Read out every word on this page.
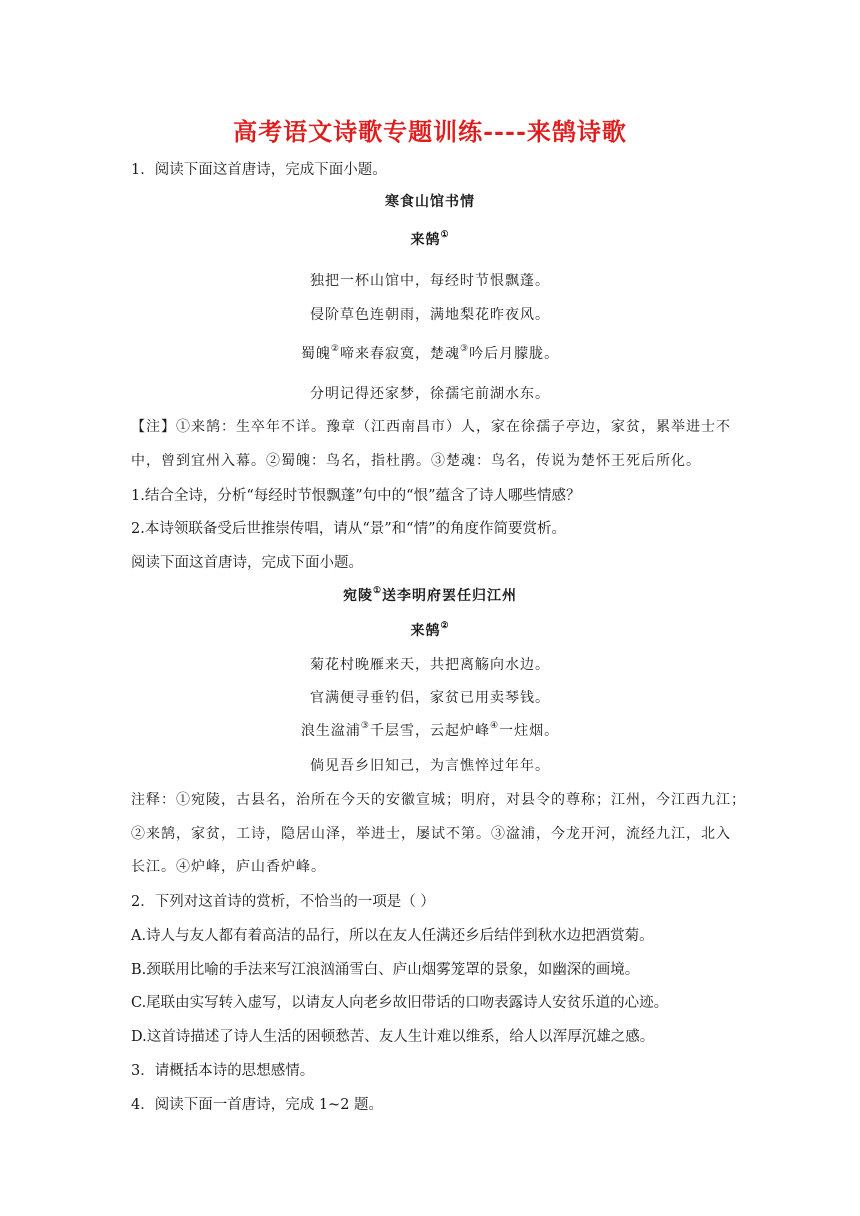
高考语文诗歌专题训练----来鹄诗歌
1．阅读下面这首唐诗，完成下面小题。
寒食山馆书情
来鹄①
独把一杯山馆中，每经时节恨飘蓬。
侵阶草色连朝雨，满地梨花昨夜风。
蜀魄②啼来春寂寞，楚魂③吟后月朦胧。
分明记得还家梦，徐孺宅前湖水东。
【注】①来鹄：生卒年不详。豫章（江西南昌市）人，家在徐孺子亭边，家贫，累举进士不
中，曾到宜州入幕。②蜀魄：鸟名，指杜鹃。③楚魂：鸟名，传说为楚怀王死后所化。
1.结合全诗，分析“每经时节恨飘蓬”句中的“恨”蕴含了诗人哪些情感？
2.本诗领联备受后世推崇传唱，请从“景”和“情”的角度作简要赏析。
阅读下面这首唐诗，完成下面小题。
宛陵①送李明府罢任归江州
来鹄②
菊花村晚雁来天，共把离觞向水边。
官满便寻垂钓侣，家贫已用卖琴钱。
浪生湓浦③千层雪，云起炉峰④一炷烟。
倘见吾乡旧知己，为言憔悴过年年。
注释：①宛陵，古县名，治所在今天的安徽宣城；明府，对县令的尊称；江州，今江西九江；
②来鹄，家贫，工诗，隐居山泽，举进士，屡试不第。③湓浦，今龙开河，流经九江，北入
长江。④炉峰，庐山香炉峰。
2．下列对这首诗的赏析，不恰当的一项是（ ）
A.诗人与友人都有着高洁的品行，所以在友人任满还乡后结伴到秋水边把酒赏菊。
B.颈联用比喻的手法来写江浪汹涌雪白、庐山烟雾笼罩的景象，如幽深的画境。
C.尾联由实写转入虚写，以请友人向老乡故旧带话的口吻表露诗人安贫乐道的心迹。
D.这首诗描述了诗人生活的困顿愁苦、友人生计难以维系，给人以浑厚沉雄之感。
3．请概括本诗的思想感情。
4．阅读下面一首唐诗，完成 1~2 题。
